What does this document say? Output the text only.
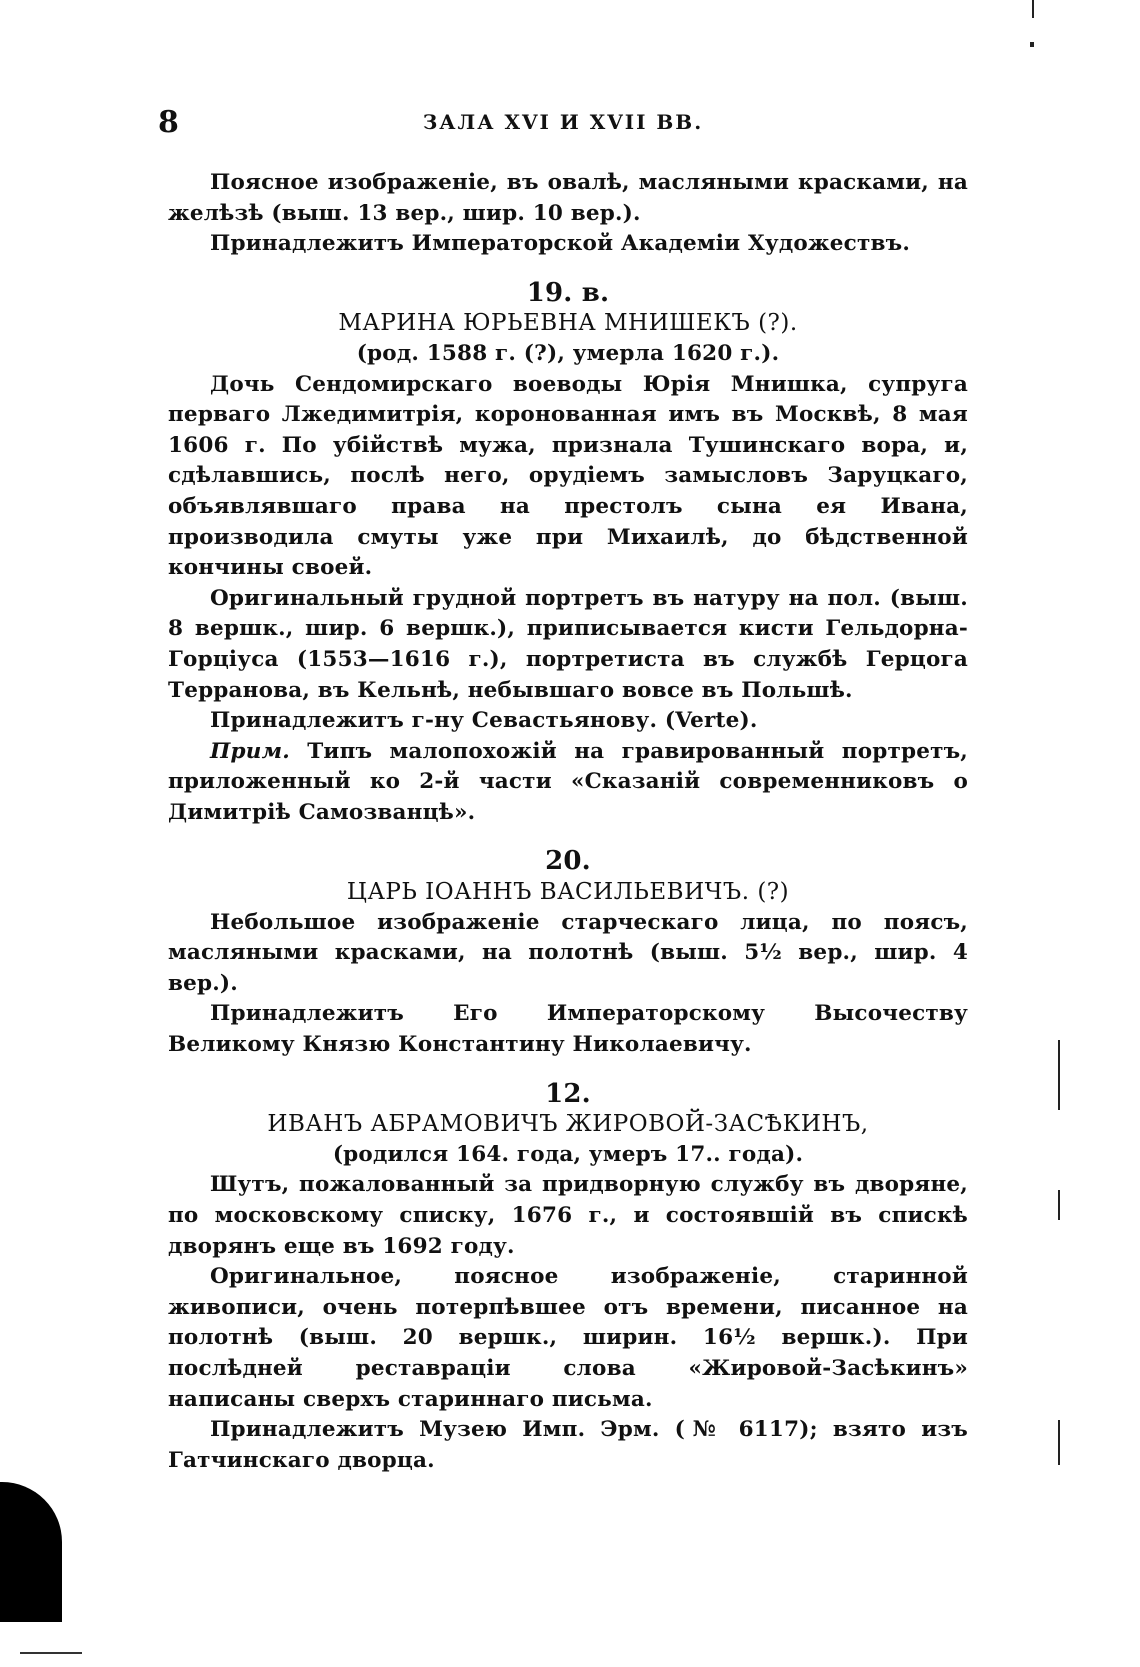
8	ЗАЛА XVI И XVII ВВ.

Поясное изображеніе, въ овалѣ, масляными красками, на желѣзѣ (выш. 13 вер., шир. 10 вер.).

Принадлежитъ Императорской Академіи Художествъ.

19. в.

МАРИНА ЮРЬЕВНА МНИШЕКЪ (?).

(род. 1588 г. (?), умерла 1620 г.).

Дочь Сендомирскаго воеводы Юрія Мнишка, супруга перваго Лжедимитрія, коронованная имъ въ Москвѣ, 8 мая 1606 г. По убійствѣ мужа, признала Тушинскаго вора, и, сдѣлавшись, послѣ него, орудіемъ замысловъ Заруцкаго, объявлявшаго права на престолъ сына ея Ивана, производила смуты уже при Михаилѣ, до бѣдственной кончины своей.

Оригинальный грудной портретъ въ натуру на пол. (выш. 8 вершк., шир. 6 вершк.), приписывается кисти Гельдорна-Горціуса (1553—1616 г.), портретиста въ службѣ Герцога Терранова, въ Кельнѣ, небывшаго вовсе въ Польшѣ.

Принадлежитъ г-ну Севастьянову. (Verte).

Прим. Типъ малопохожій на гравированный портретъ, приложенный ко 2-й части «Сказаній современниковъ о Димитріѣ Самозванцѣ».

20.

ЦАРЬ ІОАННЪ ВАСИЛЬЕВИЧЪ. (?)

Небольшое изображеніе старческаго лица, по поясъ, масляными красками, на полотнѣ (выш. 5½ вер., шир. 4 вер.).

Принадлежитъ Его Императорскому Высочеству Великому Князю Константину Николаевичу.

12.

ИВАНЪ АБРАМОВИЧЪ ЖИРОВОЙ-ЗАСѢКИНЪ,

(родился 164. года, умеръ 17.. года).

Шутъ, пожалованный за придворную службу въ дворяне, по московскому списку, 1676 г., и состоявшій въ спискѣ дворянъ еще въ 1692 году.

Оригинальное, поясное изображеніе, старинной живописи, очень потерпѣвшее отъ времени, писанное на полотнѣ (выш. 20 вершк., ширин. 16½ вершк.). При послѣдней реставраціи слова «Жировой-Засѣкинъ» написаны сверхъ стариннаго письма.

Принадлежитъ Музею Имп. Эрм. (№ 6117); взято изъ Гатчинскаго дворца.
